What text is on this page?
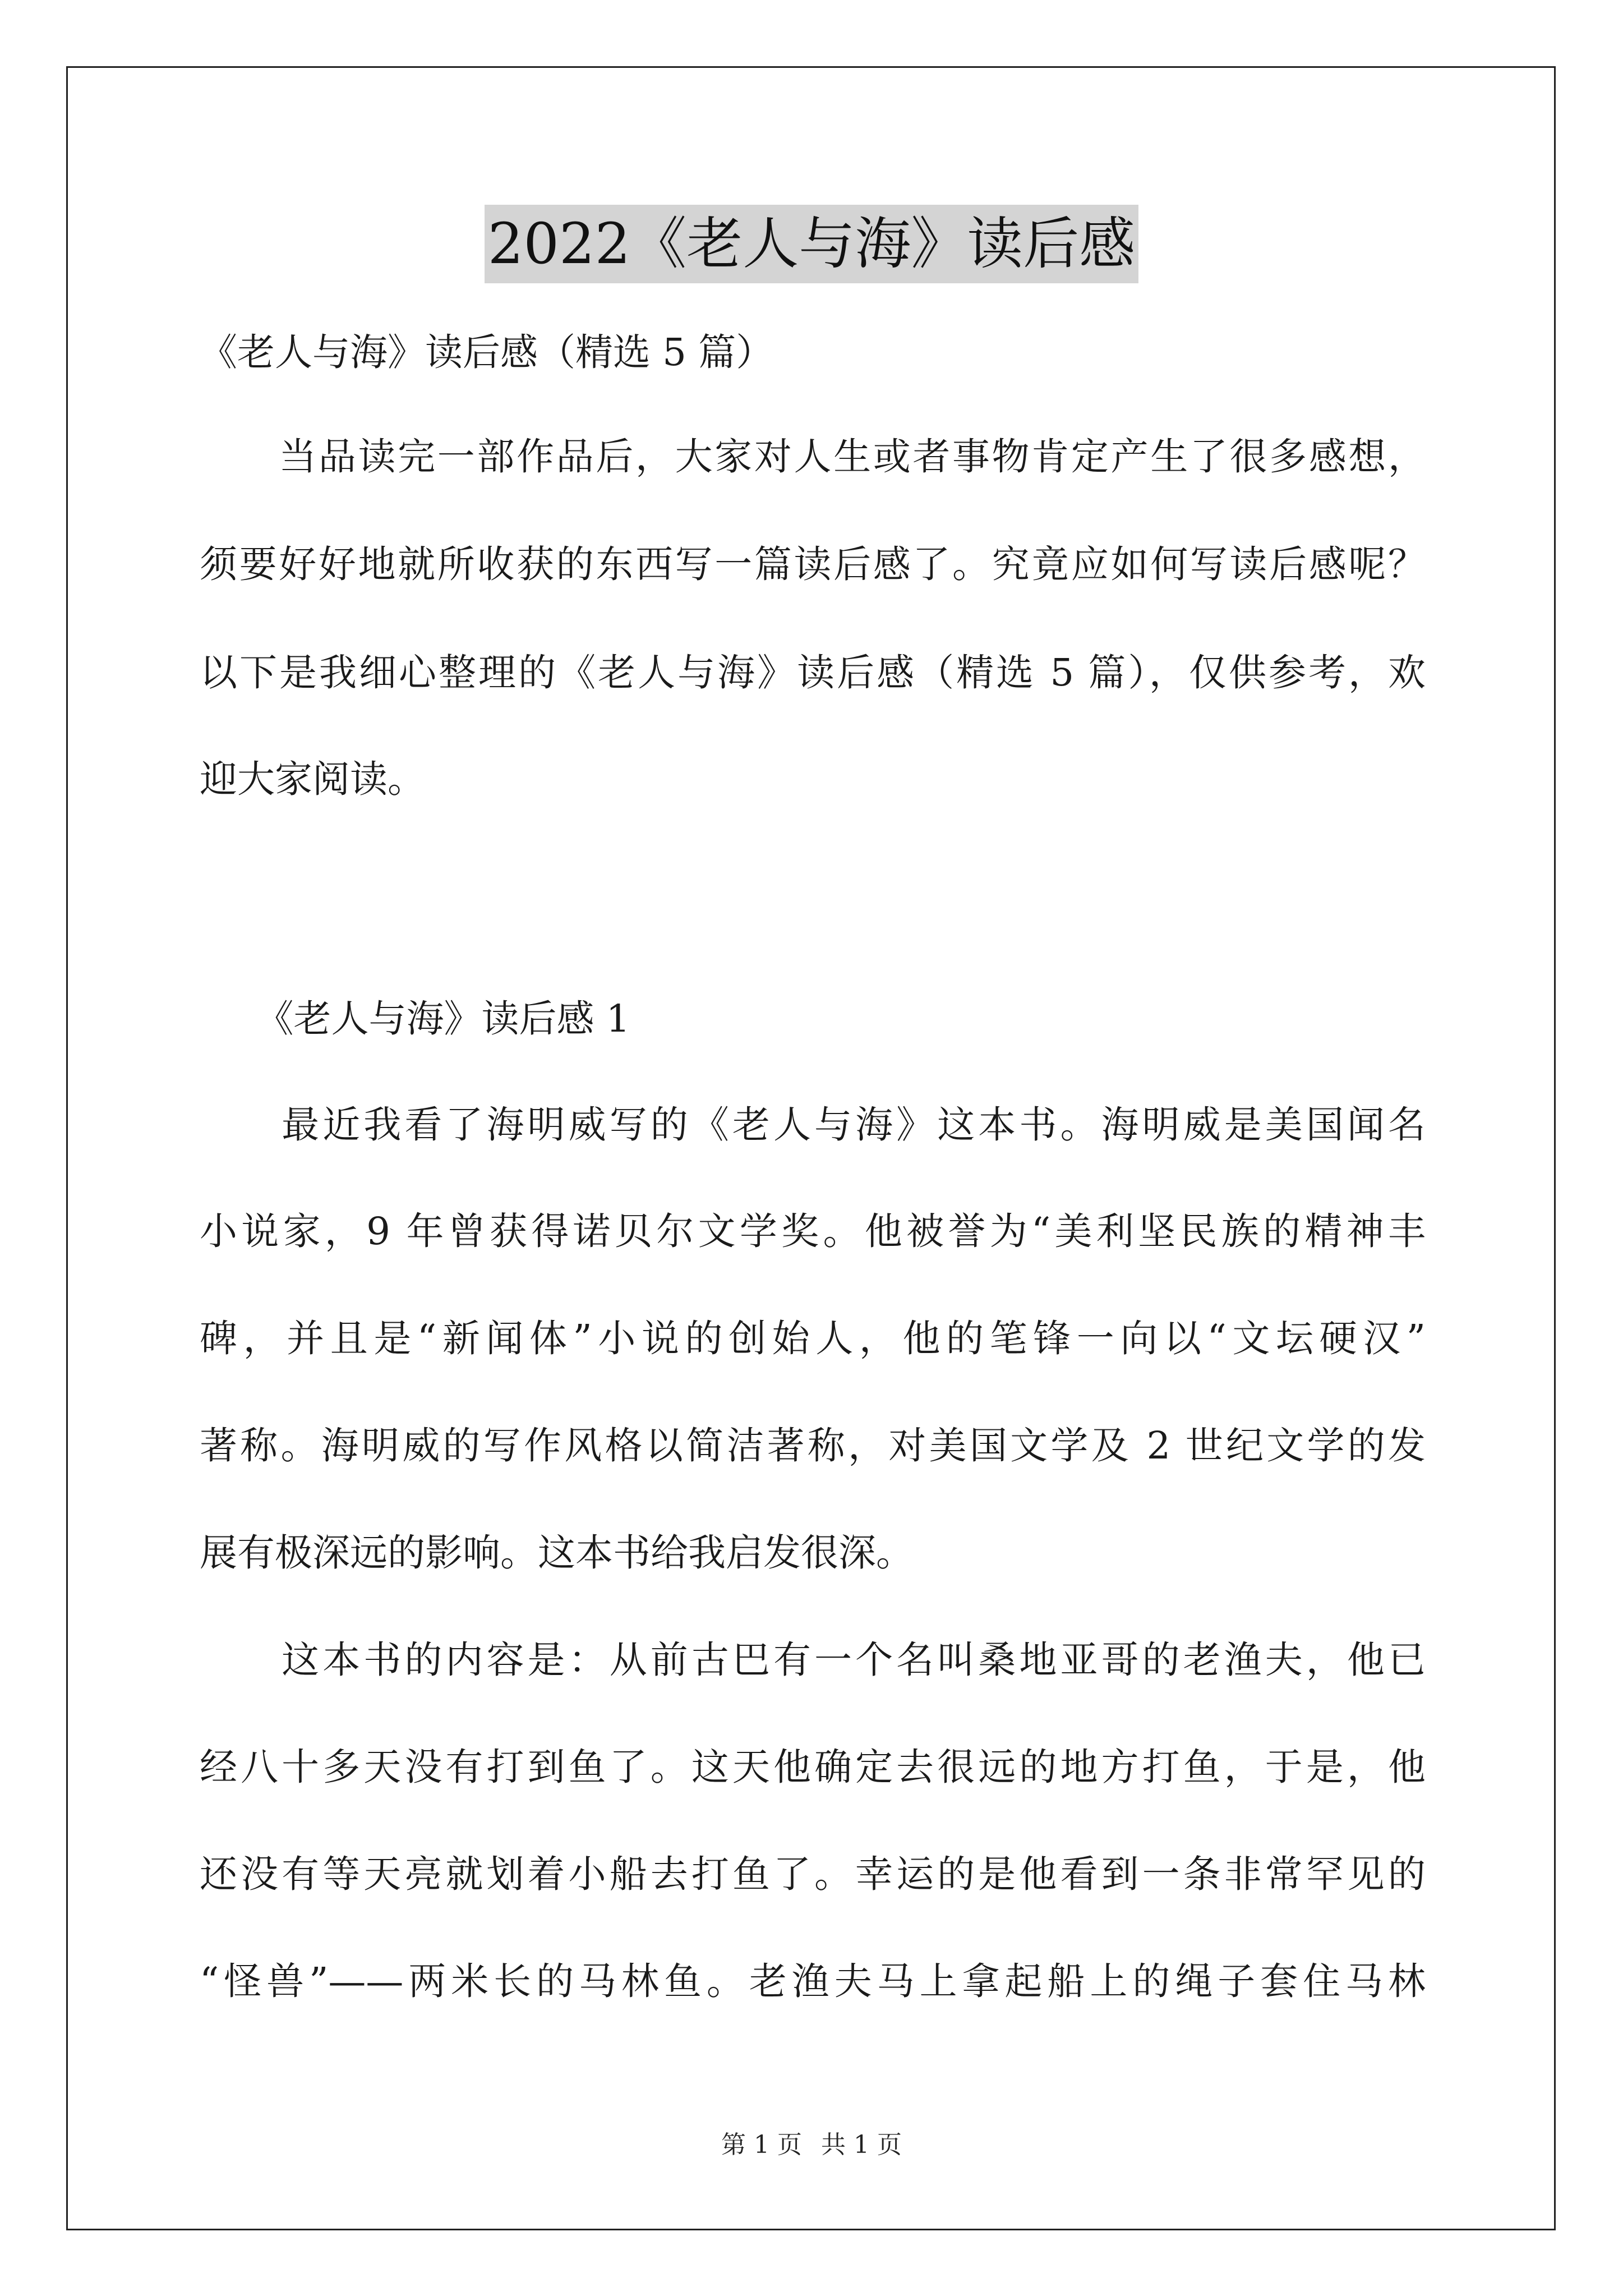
2022《老人与海》读后感
《老人与海》读后感（精选 5 篇）
　　当品读完一部作品后，大家对人生或者事物肯定产生了很多感想，
须要好好地就所收获的东西写一篇读后感了。究竟应如何写读后感呢？
以下是我细心整理的《老人与海》读后感（精选 5 篇），仅供参考，欢
迎大家阅读。
　　《老人与海》读后感 1
　　最近我看了海明威写的《老人与海》这本书。海明威是美国闻名
小说家，9 年曾获得诺贝尔文学奖。他被誉为“美利坚民族的精神丰
碑，并且是“新闻体”小说的创始人，他的笔锋一向以“文坛硬汉”
著称。海明威的写作风格以简洁著称，对美国文学及 2 世纪文学的发
展有极深远的影响。这本书给我启发很深。
　　这本书的内容是：从前古巴有一个名叫桑地亚哥的老渔夫，他已
经八十多天没有打到鱼了。这天他确定去很远的地方打鱼，于是，他
还没有等天亮就划着小船去打鱼了。幸运的是他看到一条非常罕见的
“怪兽”——两米长的马林鱼。老渔夫马上拿起船上的绳子套住马林
第 1 页 共 1 页
